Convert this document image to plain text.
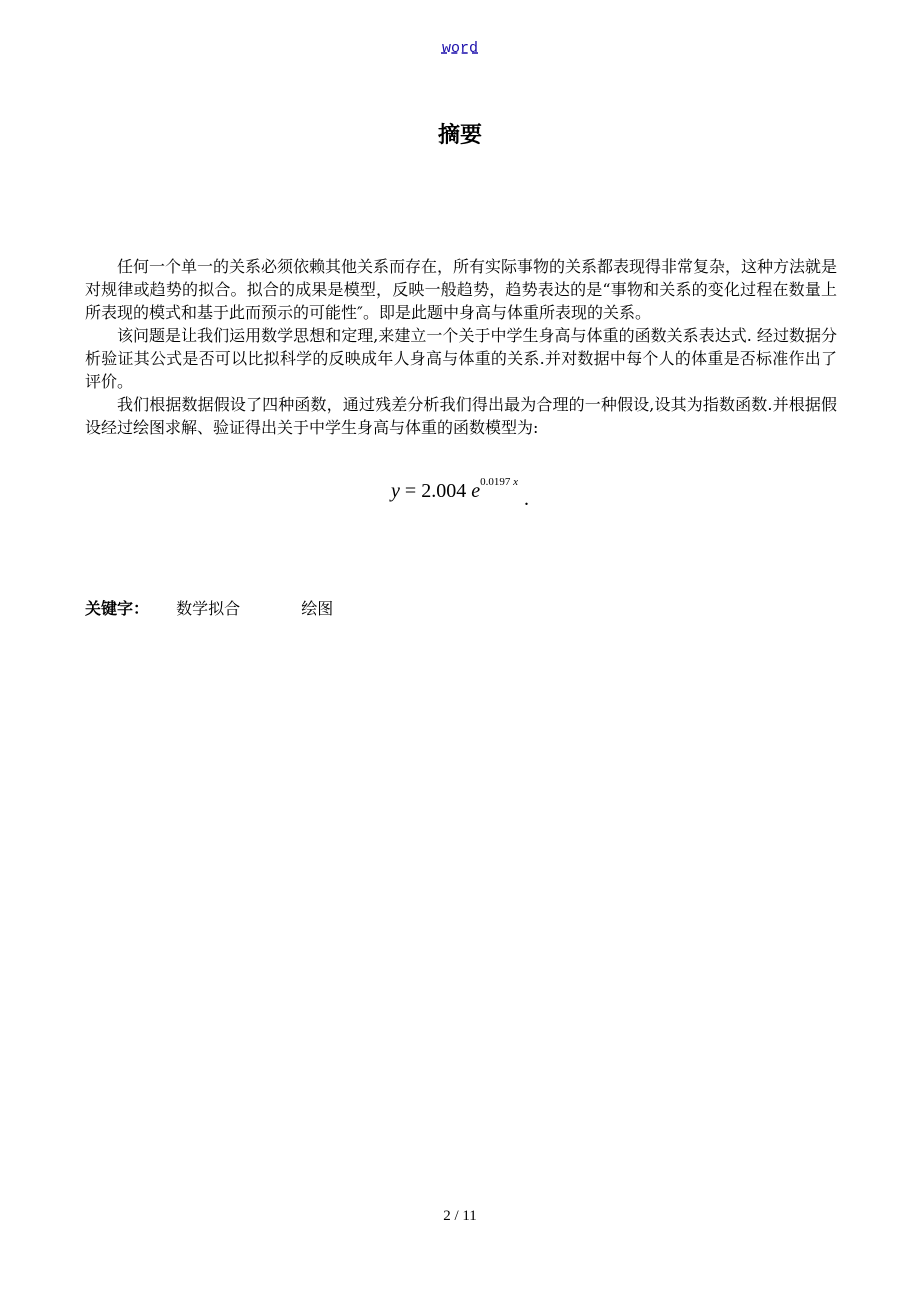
word
摘要

任何一个单一的关系必须依赖其他关系而存在，所有实际事物的关系都表现得非常复杂，这种方法就是对规律或趋势的拟合。拟合的成果是模型，反映一般趋势，趋势表达的是“事物和关系的变化过程在数量上所表现的模式和基于此而预示的可能性″。即是此题中身高与体重所表现的关系。

该问题是让我们运用数学思想和定理,来建立一个关于中学生身高与体重的函数关系表达式. 经过数据分析验证其公式是否可以比拟科学的反映成年人身高与体重的关系.并对数据中每个人的体重是否标准作出了评价。

我们根据数据假设了四种函数，通过残差分析我们得出最为合理的一种假设,设其为指数函数.并根据假设经过绘图求解、验证得出关于中学生身高与体重的函数模型为:

y = 2.004 $e^{0.0197 x}$.
关键字： 数学拟合	绘图
2 / 11
